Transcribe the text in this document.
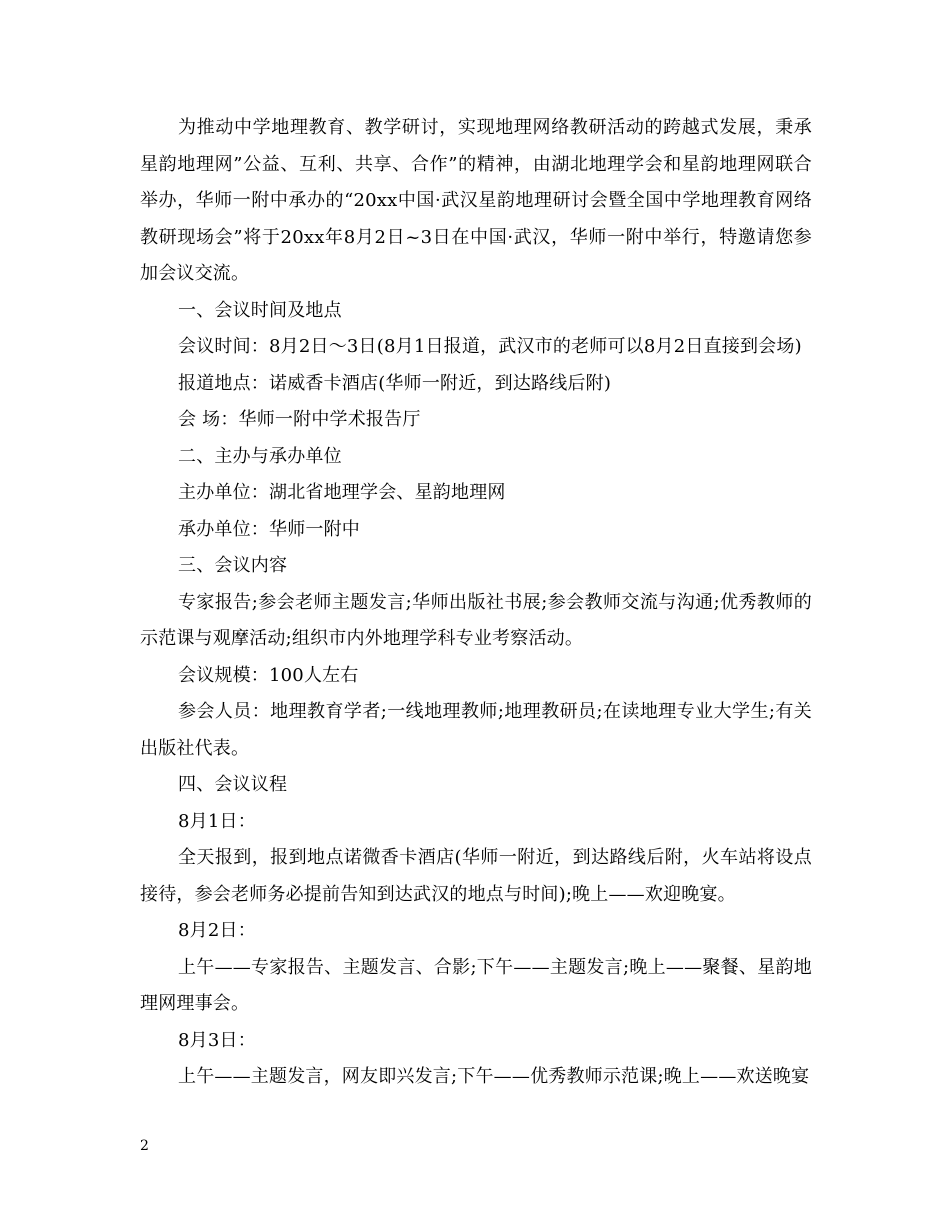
为推动中学地理教育、教学研讨，实现地理网络教研活动的跨越式发展，秉承星韵地理网”公益、互利、共享、合作”的精神，由湖北地理学会和星韵地理网联合举办，华师一附中承办的“20xx中国·武汉星韵地理研讨会暨全国中学地理教育网络教研现场会”将于20xx年8月2日~3日在中国·武汉，华师一附中举行，特邀请您参加会议交流。

一、会议时间及地点

会议时间：8月2日～3日(8月1日报道，武汉市的老师可以8月2日直接到会场)

报道地点：诺威香卡酒店(华师一附近，到达路线后附)

会 场：华师一附中学术报告厅

二、主办与承办单位

主办单位：湖北省地理学会、星韵地理网

承办单位：华师一附中

三、会议内容

专家报告;参会老师主题发言;华师出版社书展;参会教师交流与沟通;优秀教师的示范课与观摩活动;组织市内外地理学科专业考察活动。

会议规模：100人左右

参会人员：地理教育学者;一线地理教师;地理教研员;在读地理专业大学生;有关出版社代表。

四、会议议程

8月1日：

全天报到，报到地点诺微香卡酒店(华师一附近，到达路线后附，火车站将设点接待，参会老师务必提前告知到达武汉的地点与时间);晚上——欢迎晚宴。

8月2日：

上午——专家报告、主题发言、合影;下午——主题发言;晚上——聚餐、星韵地理网理事会。

8月3日：

上午——主题发言，网友即兴发言;下午——优秀教师示范课;晚上——欢送晚宴

2
